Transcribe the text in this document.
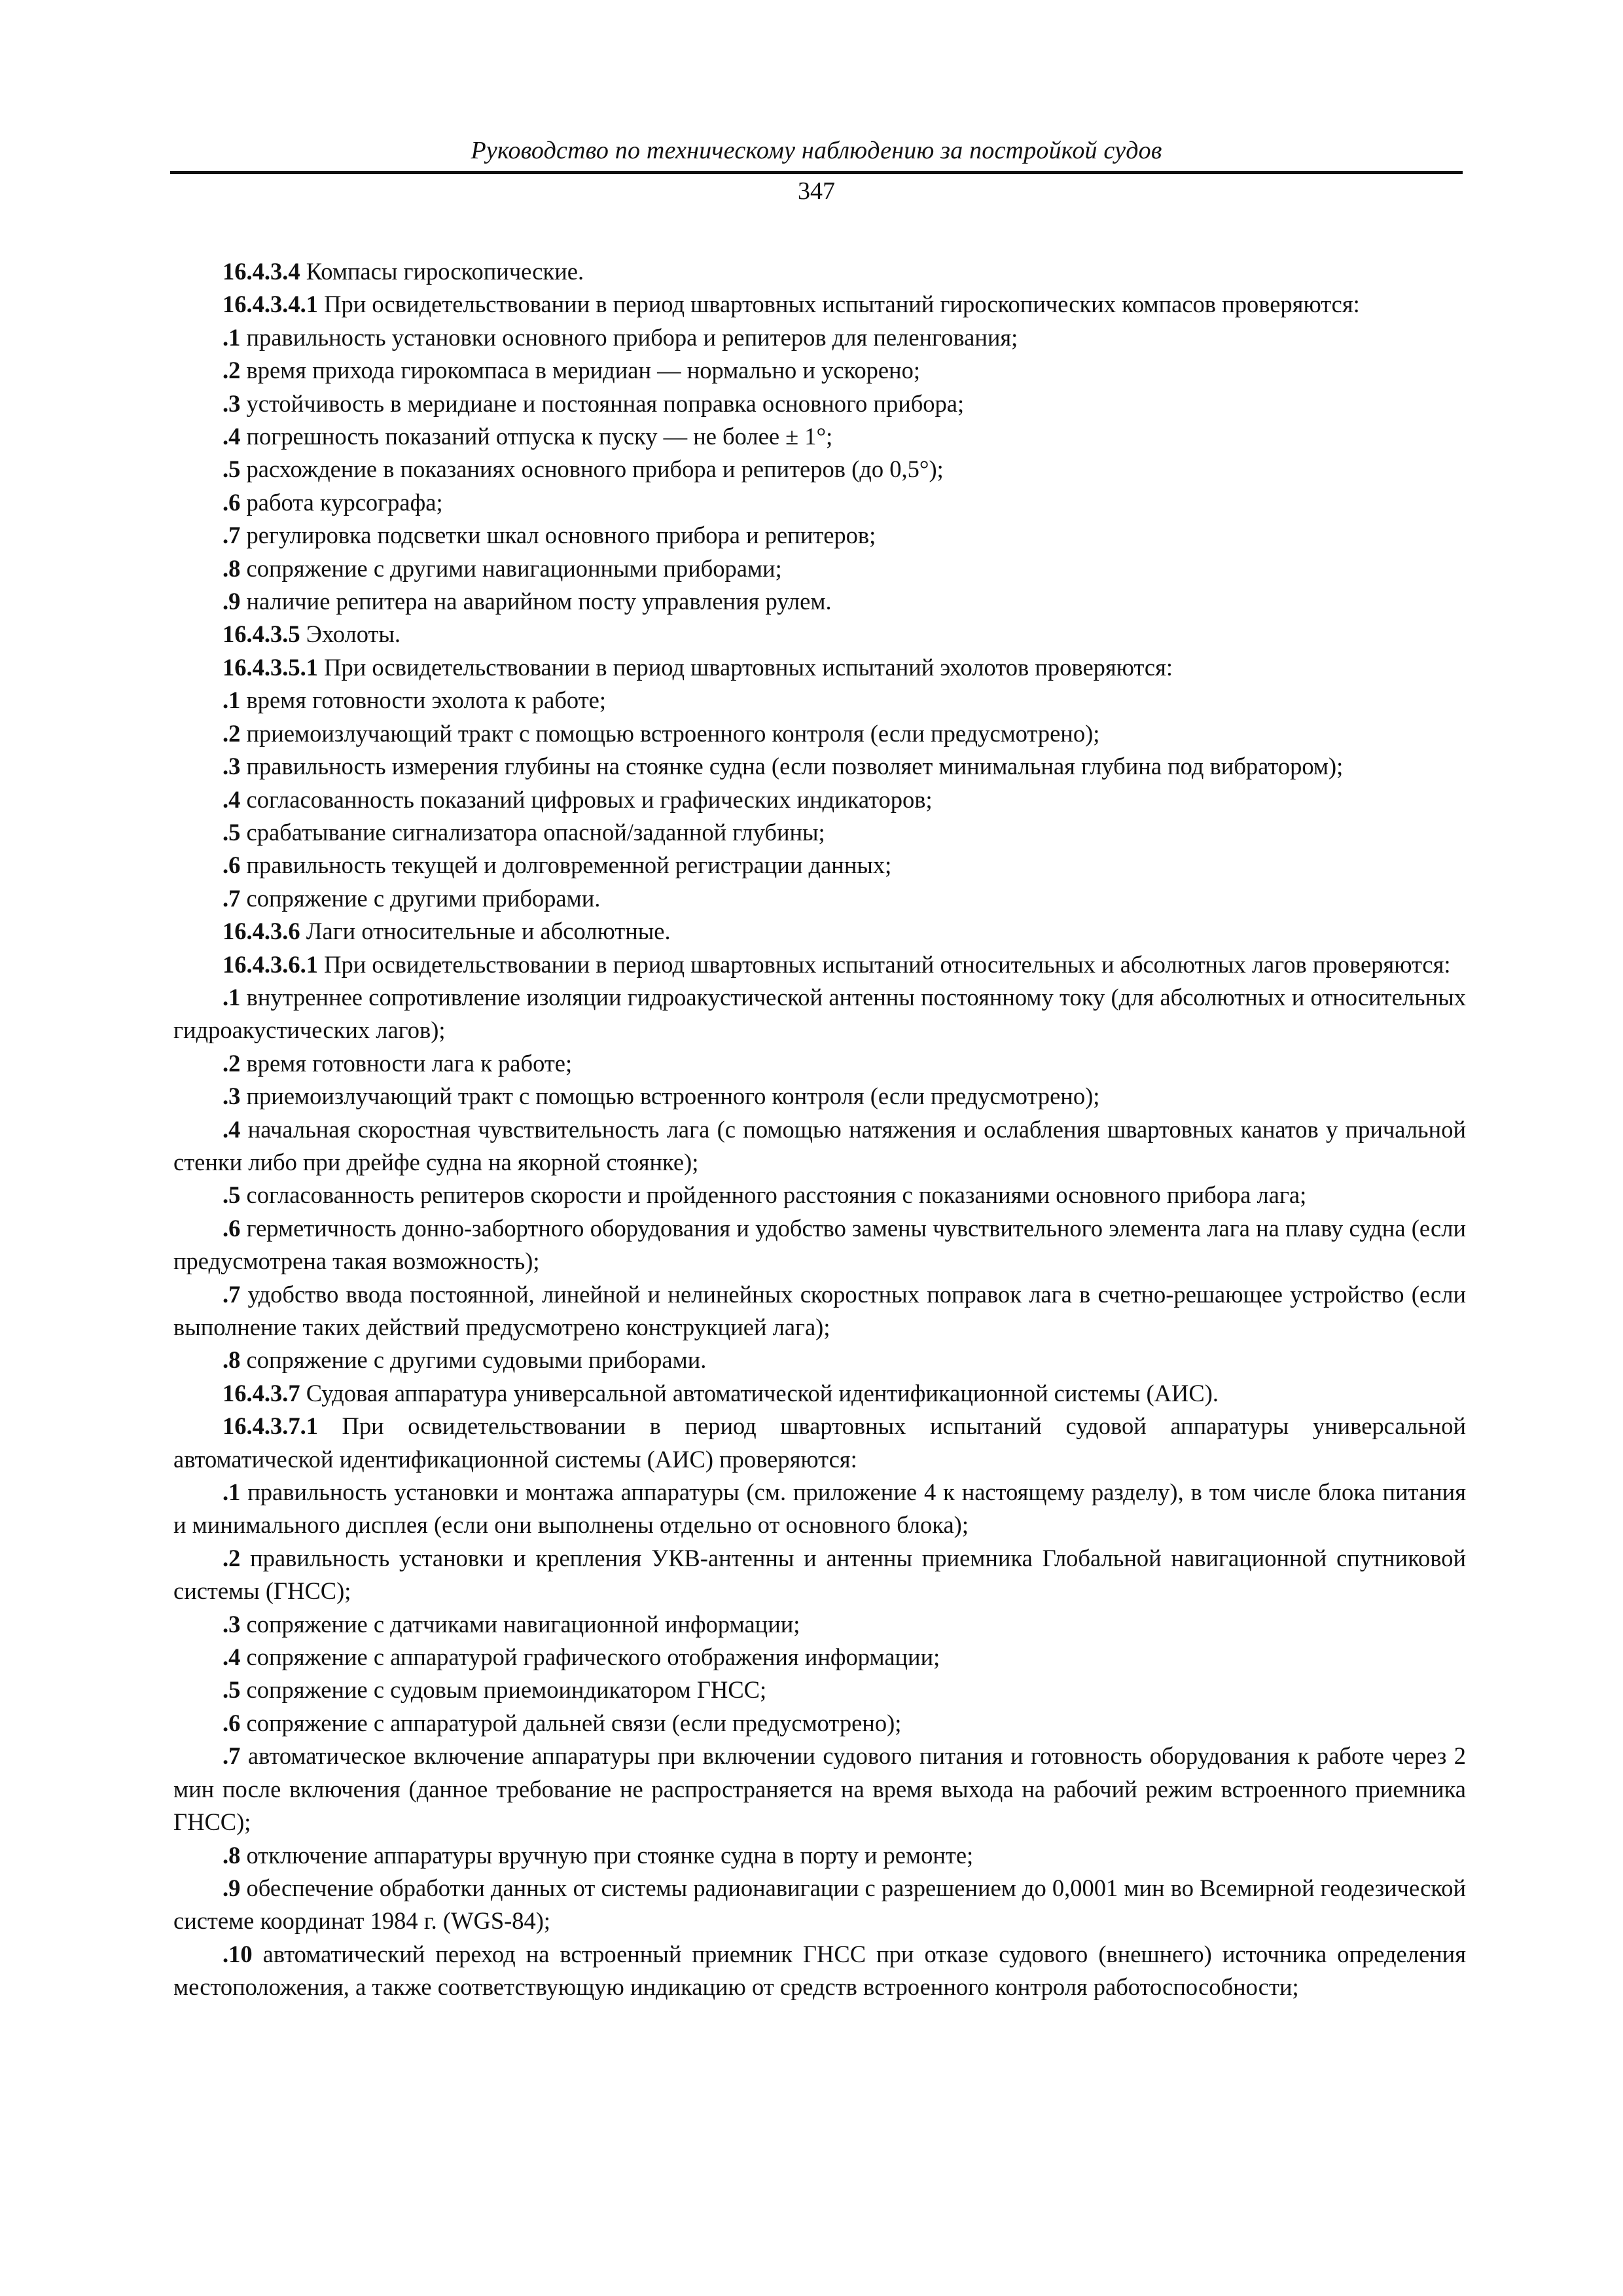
Руководство по техническому наблюдению за постройкой судов
347

16.4.3.4 Компасы гироскопические.

16.4.3.4.1 При освидетельствовании в период швартовных испытаний гироскопических компасов проверяются:

.1 правильность установки основного прибора и репитеров для пеленгования;

.2 время прихода гирокомпаса в меридиан — нормально и ускорено;

.3 устойчивость в меридиане и постоянная поправка основного прибора;

.4 погрешность показаний отпуска к пуску — не более ± 1°;

.5 расхождение в показаниях основного прибора и репитеров (до 0,5°);

.6 работа курсографа;

.7 регулировка подсветки шкал основного прибора и репитеров;

.8 сопряжение с другими навигационными приборами;

.9 наличие репитера на аварийном посту управления рулем.

16.4.3.5 Эхолоты.

16.4.3.5.1 При освидетельствовании в период швартовных испытаний эхолотов проверяются:

.1 время готовности эхолота к работе;

.2 приемоизлучающий тракт с помощью встроенного контроля (если предусмотрено);

.3 правильность измерения глубины на стоянке судна (если позволяет минимальная глубина под вибратором);

.4 согласованность показаний цифровых и графических индикаторов;

.5 срабатывание сигнализатора опасной/заданной глубины;

.6 правильность текущей и долговременной регистрации данных;

.7 сопряжение с другими приборами.

16.4.3.6 Лаги относительные и абсолютные.

16.4.3.6.1 При освидетельствовании в период швартовных испытаний относительных и абсолютных лагов проверяются:

.1 внутреннее сопротивление изоляции гидроакустической антенны постоянному току (для абсолютных и относительных гидроакустических лагов);

.2 время готовности лага к работе;

.3 приемоизлучающий тракт с помощью встроенного контроля (если предусмотрено);

.4 начальная скоростная чувствительность лага (с помощью натяжения и ослабления швартовных канатов у причальной стенки либо при дрейфе судна на якорной стоянке);

.5 согласованность репитеров скорости и пройденного расстояния с показаниями основного прибора лага;

.6 герметичность донно-забортного оборудования и удобство замены чувствительного элемента лага на плаву судна (если предусмотрена такая возможность);

.7 удобство ввода постоянной, линейной и нелинейных скоростных поправок лага в счетно-решающее устройство (если выполнение таких действий предусмотрено конструкцией лага);

.8 сопряжение с другими судовыми приборами.

16.4.3.7 Судовая аппаратура универсальной автоматической идентификационной системы (АИС).

16.4.3.7.1 При освидетельствовании в период швартовных испытаний судовой аппаратуры универсальной автоматической идентификационной системы (АИС) проверяются:

.1 правильность установки и монтажа аппаратуры (см. приложение 4 к настоящему разделу), в том числе блока питания и минимального дисплея (если они выполнены отдельно от основного блока);

.2 правильность установки и крепления УКВ-антенны и антенны приемника Глобальной навигационной спутниковой системы (ГНСС);

.3 сопряжение с датчиками навигационной информации;

.4 сопряжение с аппаратурой графического отображения информации;

.5 сопряжение с судовым приемоиндикатором ГНСС;

.6 сопряжение с аппаратурой дальней связи (если предусмотрено);

.7 автоматическое включение аппаратуры при включении судового питания и готовность оборудования к работе через 2 мин после включения (данное требование не распространяется на время выхода на рабочий режим встроенного приемника ГНСС);

.8 отключение аппаратуры вручную при стоянке судна в порту и ремонте;

.9 обеспечение обработки данных от системы радионавигации с разрешением до 0,0001 мин во Всемирной геодезической системе координат 1984 г. (WGS-84);

.10 автоматический переход на встроенный приемник ГНСС при отказе судового (внешнего) источника определения местоположения, а также соответствующую индикацию от средств встроенного контроля работоспособности;
